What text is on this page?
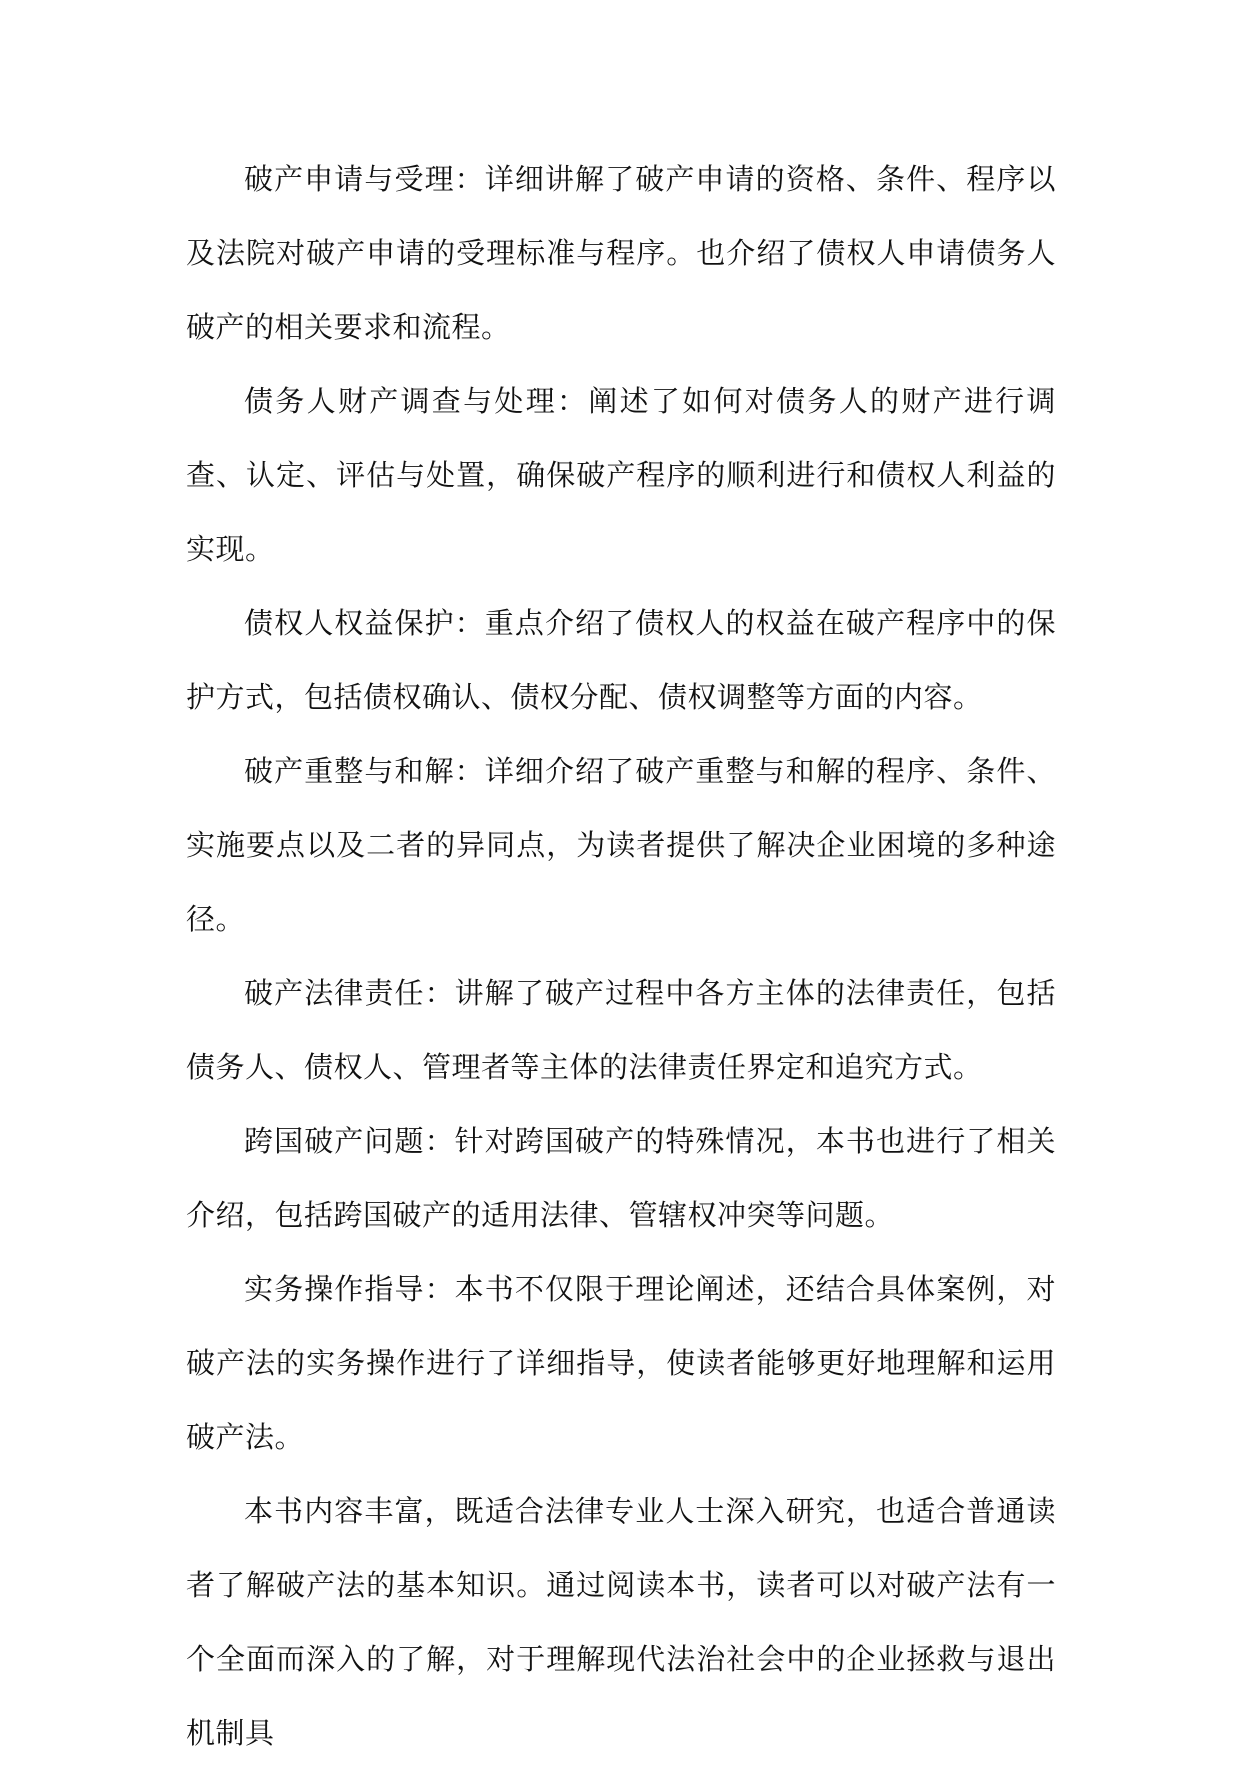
破产申请与受理：详细讲解了破产申请的资格、条件、程序以及法院对破产申请的受理标准与程序。也介绍了债权人申请债务人破产的相关要求和流程。

债务人财产调查与处理：阐述了如何对债务人的财产进行调查、认定、评估与处置，确保破产程序的顺利进行和债权人利益的实现。

债权人权益保护：重点介绍了债权人的权益在破产程序中的保护方式，包括债权确认、债权分配、债权调整等方面的内容。

破产重整与和解：详细介绍了破产重整与和解的程序、条件、实施要点以及二者的异同点，为读者提供了解决企业困境的多种途径。

破产法律责任：讲解了破产过程中各方主体的法律责任，包括债务人、债权人、管理者等主体的法律责任界定和追究方式。

跨国破产问题：针对跨国破产的特殊情况，本书也进行了相关介绍，包括跨国破产的适用法律、管辖权冲突等问题。

实务操作指导：本书不仅限于理论阐述，还结合具体案例，对破产法的实务操作进行了详细指导，使读者能够更好地理解和运用破产法。

本书内容丰富，既适合法律专业人士深入研究，也适合普通读者了解破产法的基本知识。通过阅读本书，读者可以对破产法有一个全面而深入的了解，对于理解现代法治社会中的企业拯救与退出机制具
